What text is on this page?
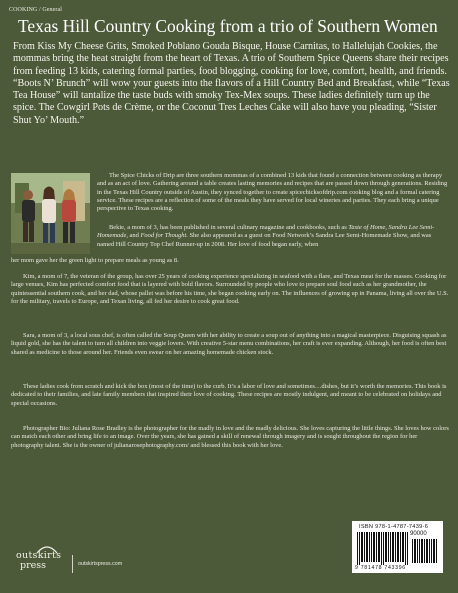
COOKING / General
Texas Hill Country Cooking from a trio of Southern Women
From Kiss My Cheese Grits, Smoked Poblano Gouda Bisque, House Carnitas, to Hallelujah Cookies, the mommas bring the heat straight from the heart of Texas. A trio of Southern Spice Queens share their recipes from feeding 13 kids, catering formal parties, food blogging, cooking for love, comfort, health, and friends. “Boots N’ Brunch” will wow your guests into the flavors of a Hill Country Bed and Breakfast, while “Texas Tea House” will tantalize the taste buds with smoky Tex-Mex soups. These ladies definitely turn up the spice. The Cowgirl Pots de Crème, or the Coconut Tres Leches Cake will also have you pleading, “Sister Shut Yo’ Mouth.”
The Spice Chicks of Drip are three southern mommas of a combined 13 kids that found a connection between cooking as therapy and as an act of love. Gathering around a table creates lasting memories and recipes that are passed down through generations. Residing in the Texas Hill Country outside of Austin, they synced together to create spicechicksofdrip.com cooking blog and a formal catering service. These recipes are a reflection of some of the meals they have served for local wineries and parties. They each bring a unique perspective to Texas cooking.
Bekie, a mom of 3, has been published in several culinary magazine and cookbooks, such as Taste of Home, Sandra Lee Semi-Homemade, and Food for Thought. She also appeared as a guest on Food Network’s Sandra Lee Semi-Homemade Show, and was named Hill Country Top Chef Runner-up in 2008. Her love of food began early, when
her mom gave her the green light to prepare meals as young as 8.
Kim, a mom of 7, the veteran of the group, has over 25 years of cooking experience specializing in seafood with a flare, and Texas meat for the masses. Cooking for large venues, Kim has perfected comfort food that is layered with bold flavors. Surrounded by people who love to prepare soul food such as her grandmother, the quintessential southern cook, and her dad, whose pallet was before his time, she began cooking early on. The influences of growing up in Panama, living all over the U.S. for the military, travels to Europe, and Texan living, all fed her desire to cook great food.
Sara, a mom of 3, a local sous chef, is often called the Soup Queen with her ability to create a soup out of anything into a magical masterpiece. Disguising squash as liquid gold, she has the talent to turn all children into veggie lovers. With creative 5-star menu combinations, her craft is ever expanding. Although, her food is often best shared as medicine to those around her. Friends even swear on her amazing homemade chicken stock.
These ladies cook from scratch and kick the box (most of the time) to the curb. It’s a labor of love and sometimes…dishes, but it’s worth the memories. This book is dedicated to their families, and late family members that inspired their love of cooking. These recipes are mostly indulgent, and meant to be celebrated on holidays and special occasions.
Photographer Bio: Juliana Rose Bradley is the photographer for the madly in love and the madly delicious. She loves capturing the little things. She loves how colors can match each other and bring life to an image. Over the years, she has gained a skill of renewal through imagery and is sought throughout the region for her photography talent. She is the owner of julianarosephotography.com/ and blessed this book with her love.
ISBN 978-1-4787-7439-6
90000
9 781478 743396
outskirts
press	outskirtspress.com
